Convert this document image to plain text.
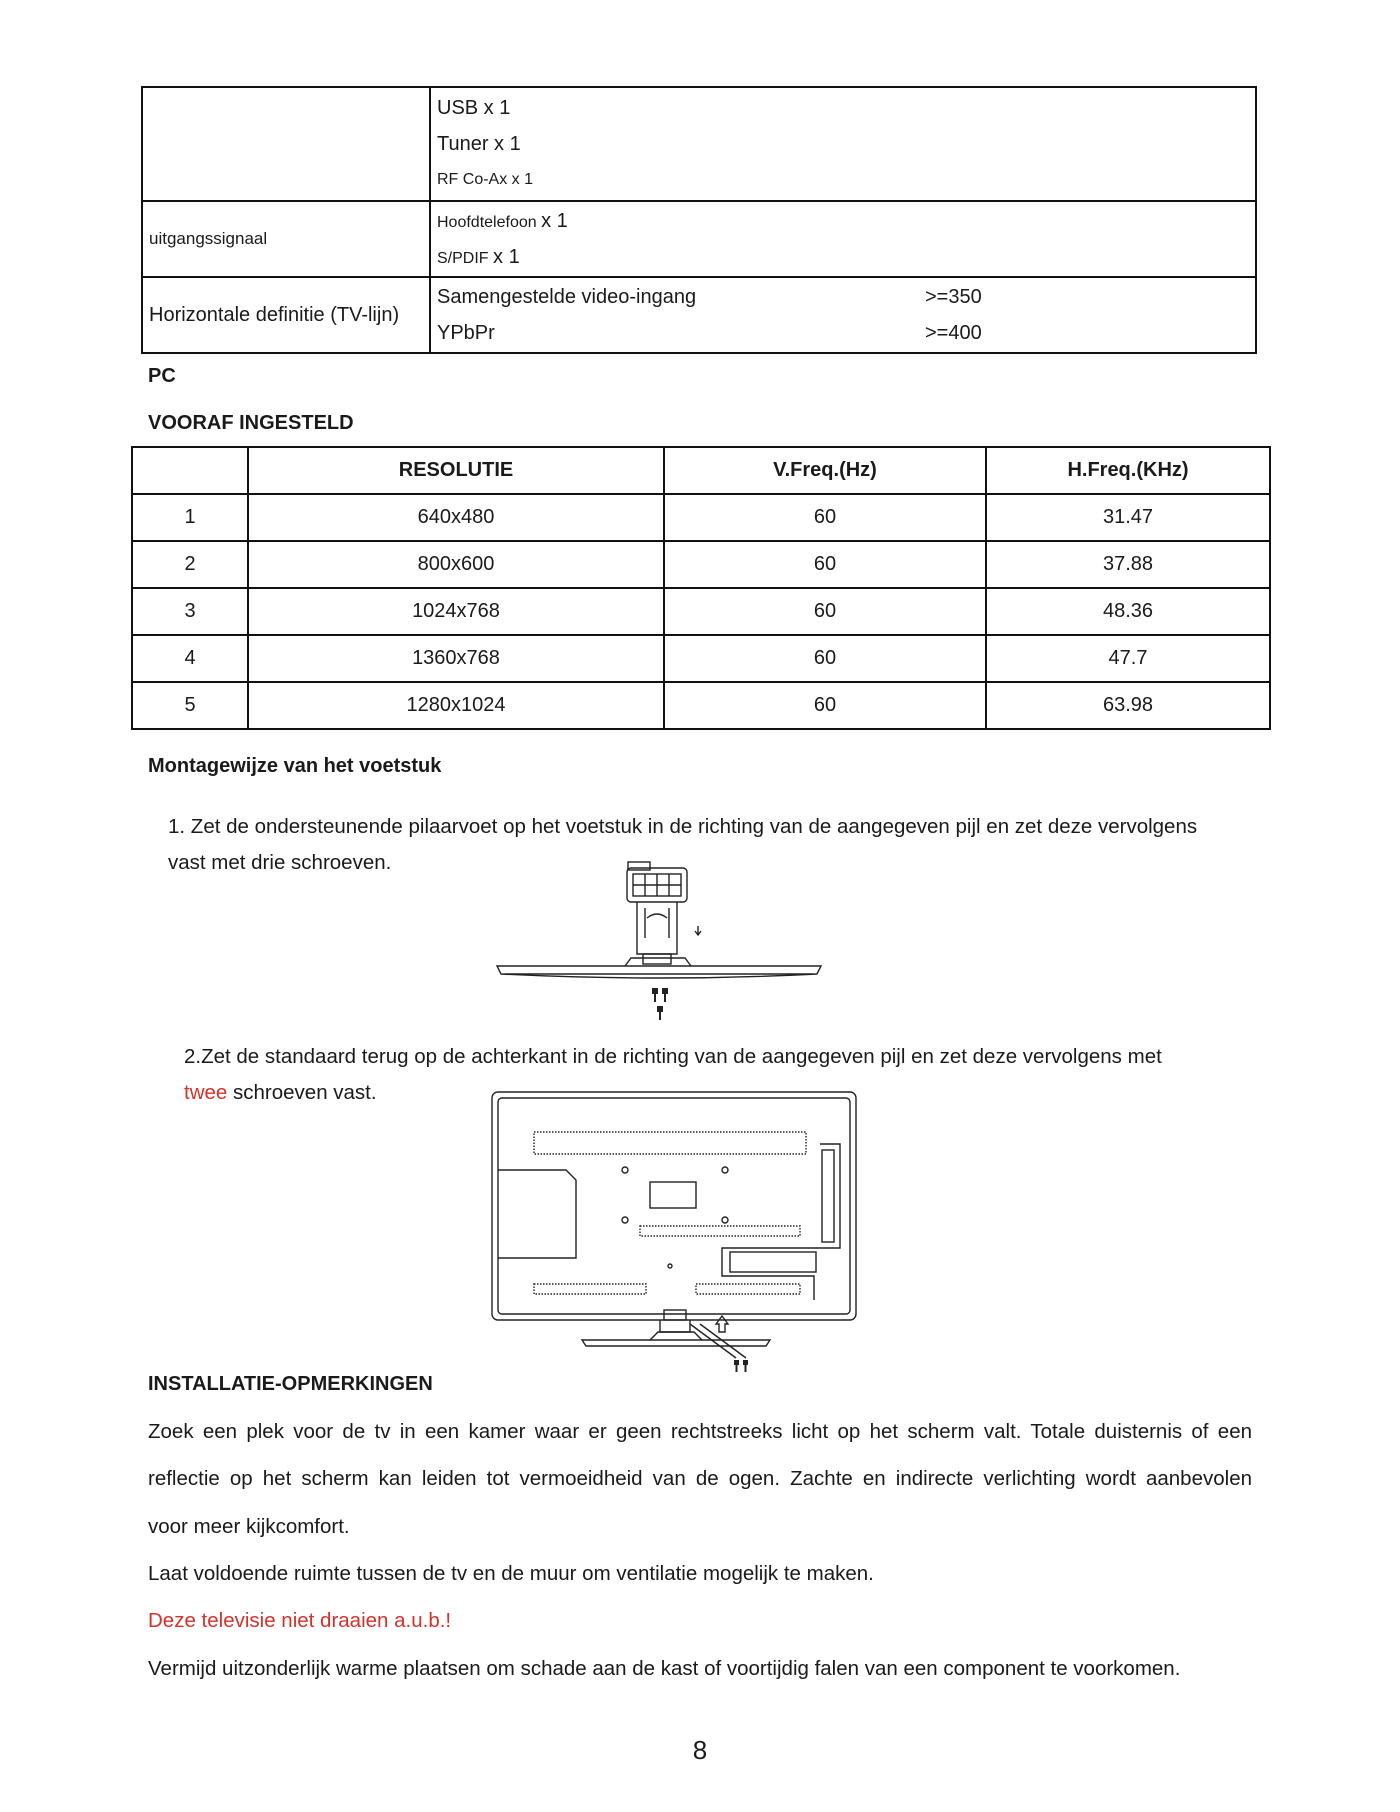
	USB x 1
Tuner x 1
RF Co-Ax x 1

uitgangssignaal	Hoofdtelefoon x 1
S/PDIF x 1

Horizontale definitie (TV-lijn)	Samengestelde video-ingang >=350
YPbPr >=400
PC
VOORAF INGESTELD
	RESOLUTIE	V.Freq.(Hz)	H.Freq.(KHz)
1	640x480	60	31.47
2	800x600	60	37.88
3	1024x768	60	48.36
4	1360x768	60	47.7
5	1280x1024	60	63.98
Montagewijze van het voetstuk
1. Zet de ondersteunende pilaarvoet op het voetstuk in de richting van de aangegeven pijl en zet deze vervolgens
vast met drie schroeven.
2.Zet de standaard terug op de achterkant in de richting van de aangegeven pijl en zet deze vervolgens met
twee schroeven vast.
INSTALLATIE-OPMERKINGEN
Zoek een plek voor de tv in een kamer waar er geen rechtstreeks licht op het scherm valt. Totale duisternis of een
reflectie op het scherm kan leiden tot vermoeidheid van de ogen. Zachte en indirecte verlichting wordt aanbevolen
voor meer kijkcomfort.
Laat voldoende ruimte tussen de tv en de muur om ventilatie mogelijk te maken.
Deze televisie niet draaien a.u.b.!
Vermijd uitzonderlijk warme plaatsen om schade aan de kast of voortijdig falen van een component te voorkomen.
8
